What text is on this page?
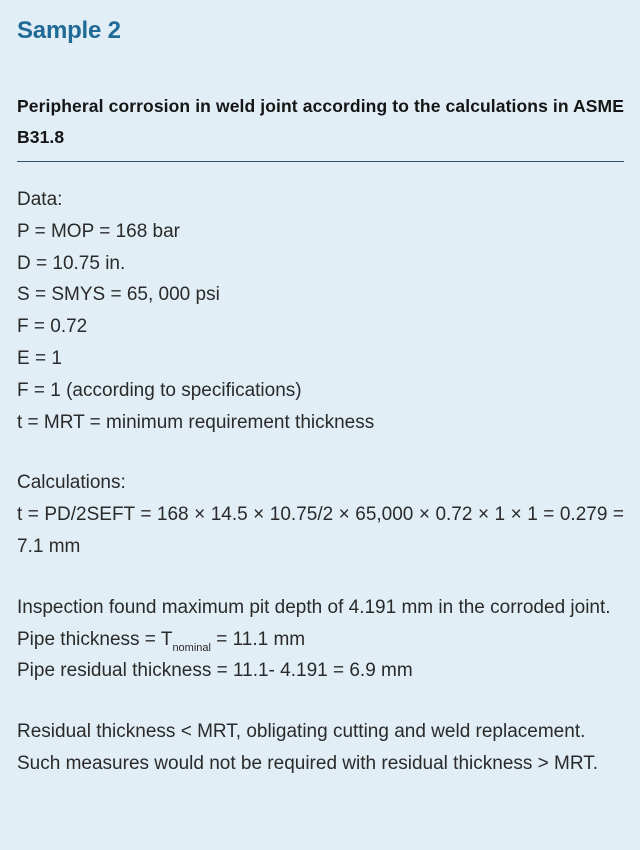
Sample 2
Peripheral corrosion in weld joint according to the calculations in ASME B31.8
Data:
P = MOP = 168 bar
D = 10.75 in.
S = SMYS = 65, 000 psi
F = 0.72
E = 1
F = 1 (according to specifications)
t = MRT = minimum requirement thickness
Calculations:
t = PD/2SEFT = 168 × 14.5 × 10.75/2 × 65,000 × 0.72 × 1 × 1 = 0.279 = 7.1 mm
Inspection found maximum pit depth of 4.191 mm in the corroded joint.
Pipe thickness = $T_{nominal} = 11.1$ mm
Pipe residual thickness = 11.1- 4.191 = 6.9 mm
Residual thickness < MRT, obligating cutting and weld replacement.
Such measures would not be required with residual thickness > MRT.
